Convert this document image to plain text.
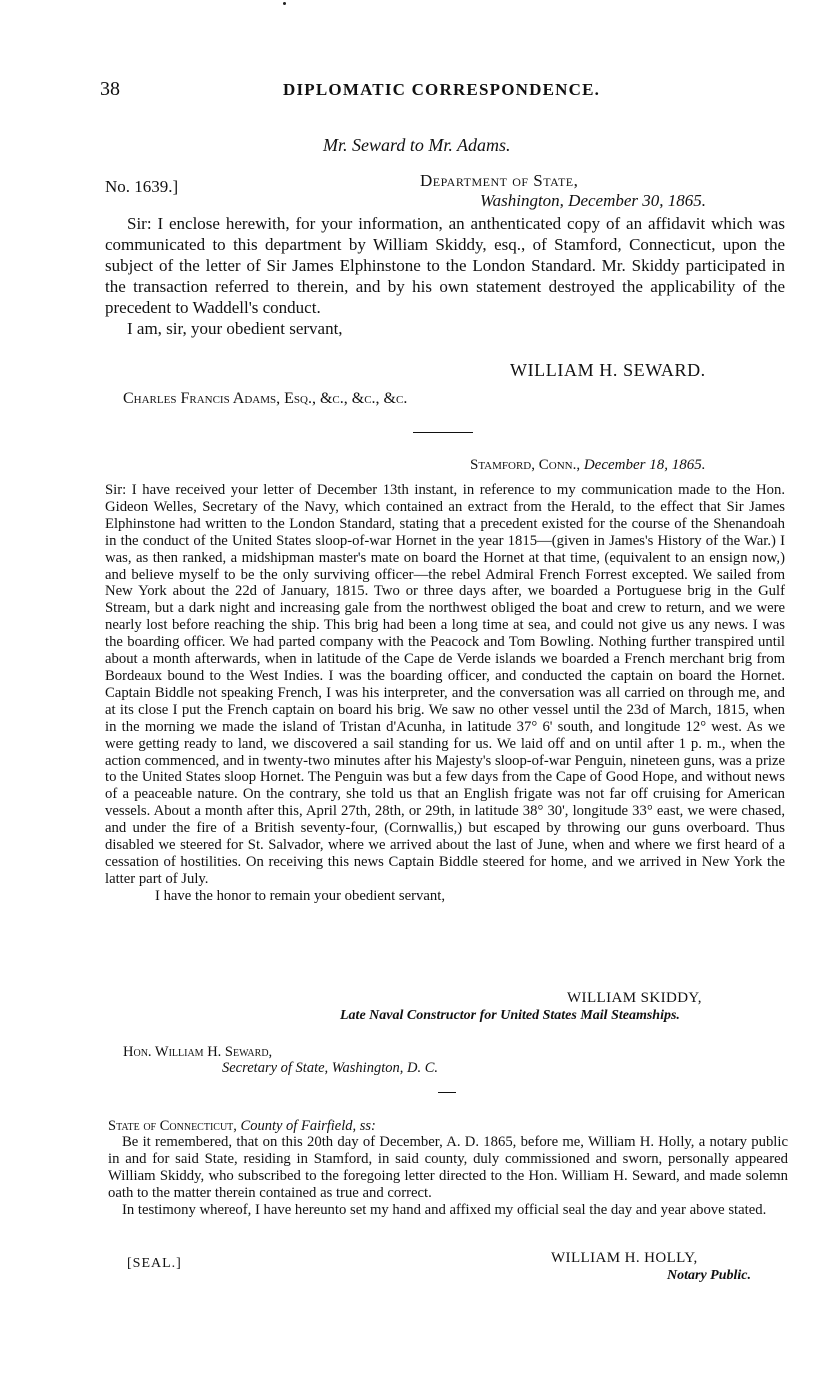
38	DIPLOMATIC CORRESPONDENCE.
Mr. Seward to Mr. Adams.
No. 1639.]	Department of State,
Washington, December 30, 1865.

Sir: I enclose herewith, for your information, an anthenticated copy of an affidavit which was communicated to this department by William Skiddy, esq., of Stamford, Connecticut, upon the subject of the letter of Sir James Elphinstone to the London Standard. Mr. Skiddy participated in the transaction referred to therein, and by his own statement destroyed the applicability of the precedent to Waddell's conduct.

I am, sir, your obedient servant,

WILLIAM H. SEWARD.
Charles Francis Adams, Esq., &c., &c., &c.
Stamford, Conn., December 18, 1865.

Sir: I have received your letter of December 13th instant, in reference to my communication made to the Hon. Gideon Welles, Secretary of the Navy, which contained an extract from the Herald, to the effect that Sir James Elphinstone had written to the London Standard, stating that a precedent existed for the course of the Shenandoah in the conduct of the United States sloop-of-war Hornet in the year 1815—(given in James's History of the War.) I was, as then ranked, a midshipman master's mate on board the Hornet at that time, (equivalent to an ensign now,) and believe myself to be the only surviving officer—the rebel Admiral French Forrest excepted. We sailed from New York about the 22d of January, 1815. Two or three days after, we boarded a Portuguese brig in the Gulf Stream, but a dark night and increasing gale from the northwest obliged the boat and crew to return, and we were nearly lost before reaching the ship. This brig had been a long time at sea, and could not give us any news. I was the boarding officer. We had parted company with the Peacock and Tom Bowling. Nothing further transpired until about a month afterwards, when in latitude of the Cape de Verde islands we boarded a French merchant brig from Bordeaux bound to the West Indies. I was the boarding officer, and conducted the captain on board the Hornet. Captain Biddle not speaking French, I was his interpreter, and the conversation was all carried on through me, and at its close I put the French captain on board his brig. We saw no other vessel until the 23d of March, 1815, when in the morning we made the island of Tristan d'Acunha, in latitude 37° 6' south, and longitude 12° west. As we were getting ready to land, we discovered a sail standing for us. We laid off and on until after 1 p. m., when the action commenced, and in twenty-two minutes after his Majesty's sloop-of-war Penguin, nineteen guns, was a prize to the United States sloop Hornet. The Penguin was but a few days from the Cape of Good Hope, and without news of a peaceable nature. On the contrary, she told us that an English frigate was not far off cruising for American vessels. About a month after this, April 27th, 28th, or 29th, in latitude 38° 30', longitude 33° east, we were chased, and under the fire of a British seventy-four, (Cornwallis,) but escaped by throwing our guns overboard. Thus disabled we steered for St. Salvador, where we arrived about the last of June, when and where we first heard of a cessation of hostilities. On receiving this news Captain Biddle steered for home, and we arrived in New York the latter part of July.

I have the honor to remain your obedient servant,

WILLIAM SKIDDY,
Late Naval Constructor for United States Mail Steamships.
Hon. William H. Seward,
Secretary of State, Washington, D. C.
State of Connecticut, County of Fairfield, ss:

Be it remembered, that on this 20th day of December, A. D. 1865, before me, William H. Holly, a notary public in and for said State, residing in Stamford, in said county, duly commissioned and sworn, personally appeared William Skiddy, who subscribed to the foregoing letter directed to the Hon. William H. Seward, and made solemn oath to the matter therein contained as true and correct.

In testimony whereof, I have hereunto set my hand and affixed my official seal the day and year above stated.

[SEAL.]	WILLIAM H. HOLLY,
Notary Public.
